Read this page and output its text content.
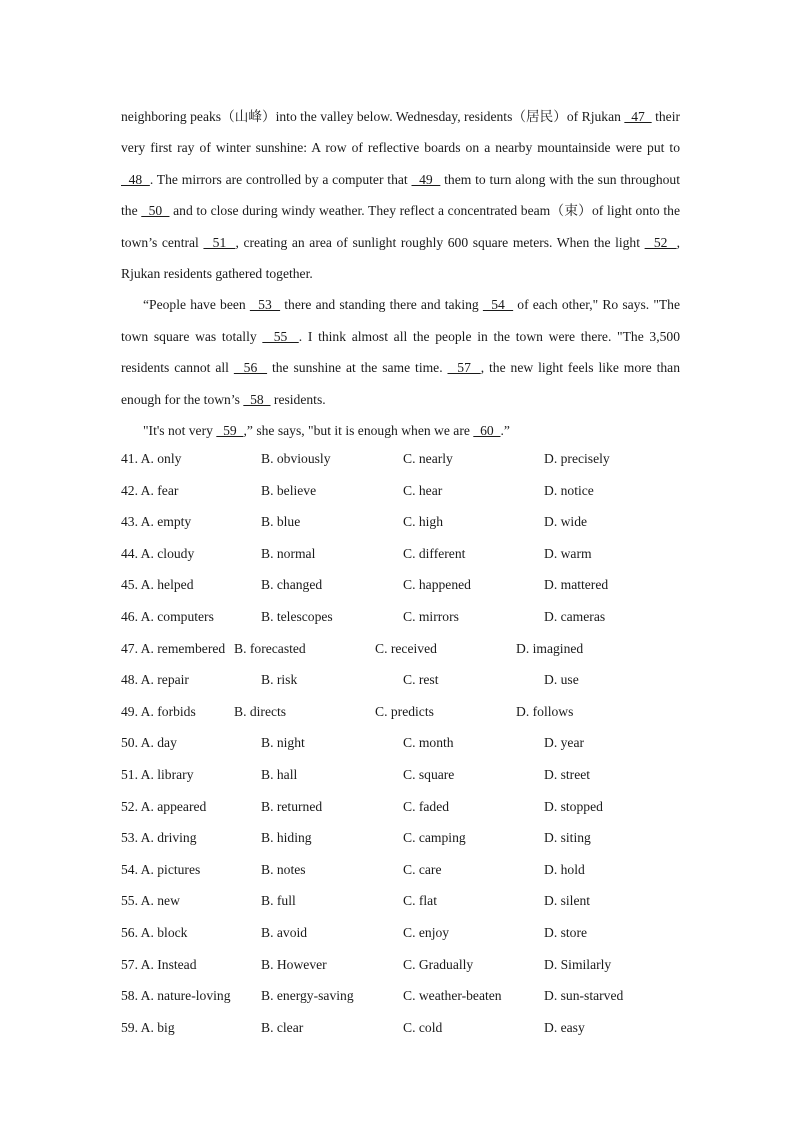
neighboring peaks（山峰）into the valley below. Wednesday, residents（居民）of Rjukan   47   their very first ray of winter sunshine: A row of reflective boards on a nearby mountainside were put to   48  . The mirrors are controlled by a computer that   49   them to turn along with the sun throughout the   50   and to close during windy weather. They reflect a concentrated beam（束）of light onto the town’s central   51  , creating an area of sunlight roughly 600 square meters. When the light   52  , Rjukan residents gathered together.

“People have been   53   there and standing there and taking   54   of each other," Ro says. "The town square was totally   55  . I think almost all the people in the town were there. "The 3,500 residents cannot all   56   the sunshine at the same time.   57  , the new light feels like more than enough for the town’s   58   residents.

"It's not very   59  ,” she says, "but it is enough when we are   60  .”

41. A. only	B. obviously	C. nearly	D. precisely
42. A. fear	B. believe	C. hear	D. notice
43. A. empty	B. blue	C. high	D. wide
44. A. cloudy	B. normal	C. different	D. warm
45. A. helped	B. changed	C. happened	D. mattered
46. A. computers	B. telescopes	C. mirrors	D. cameras
47. A. remembered B. forecasted	C. received	D. imagined
48. A. repair	B. risk	C. rest	D. use
49. A. forbids	B. directs	C. predicts	D. follows
50. A. day	B. night	C. month	D. year
51. A. library	B. hall	C. square	D. street
52. A. appeared	B. returned	C. faded	D. stopped
53. A. driving	B. hiding	C. camping	D. siting
54. A. pictures	B. notes	C. care	D. hold
55. A. new	B. full	C. flat	D. silent
56. A. block	B. avoid	C. enjoy	D. store
57. A. Instead	B. However	C. Gradually	D. Similarly
58. A. nature-loving B. energy-saving	C. weather-beaten	D. sun-starved
59. A. big	B. clear	C. cold	D. easy
